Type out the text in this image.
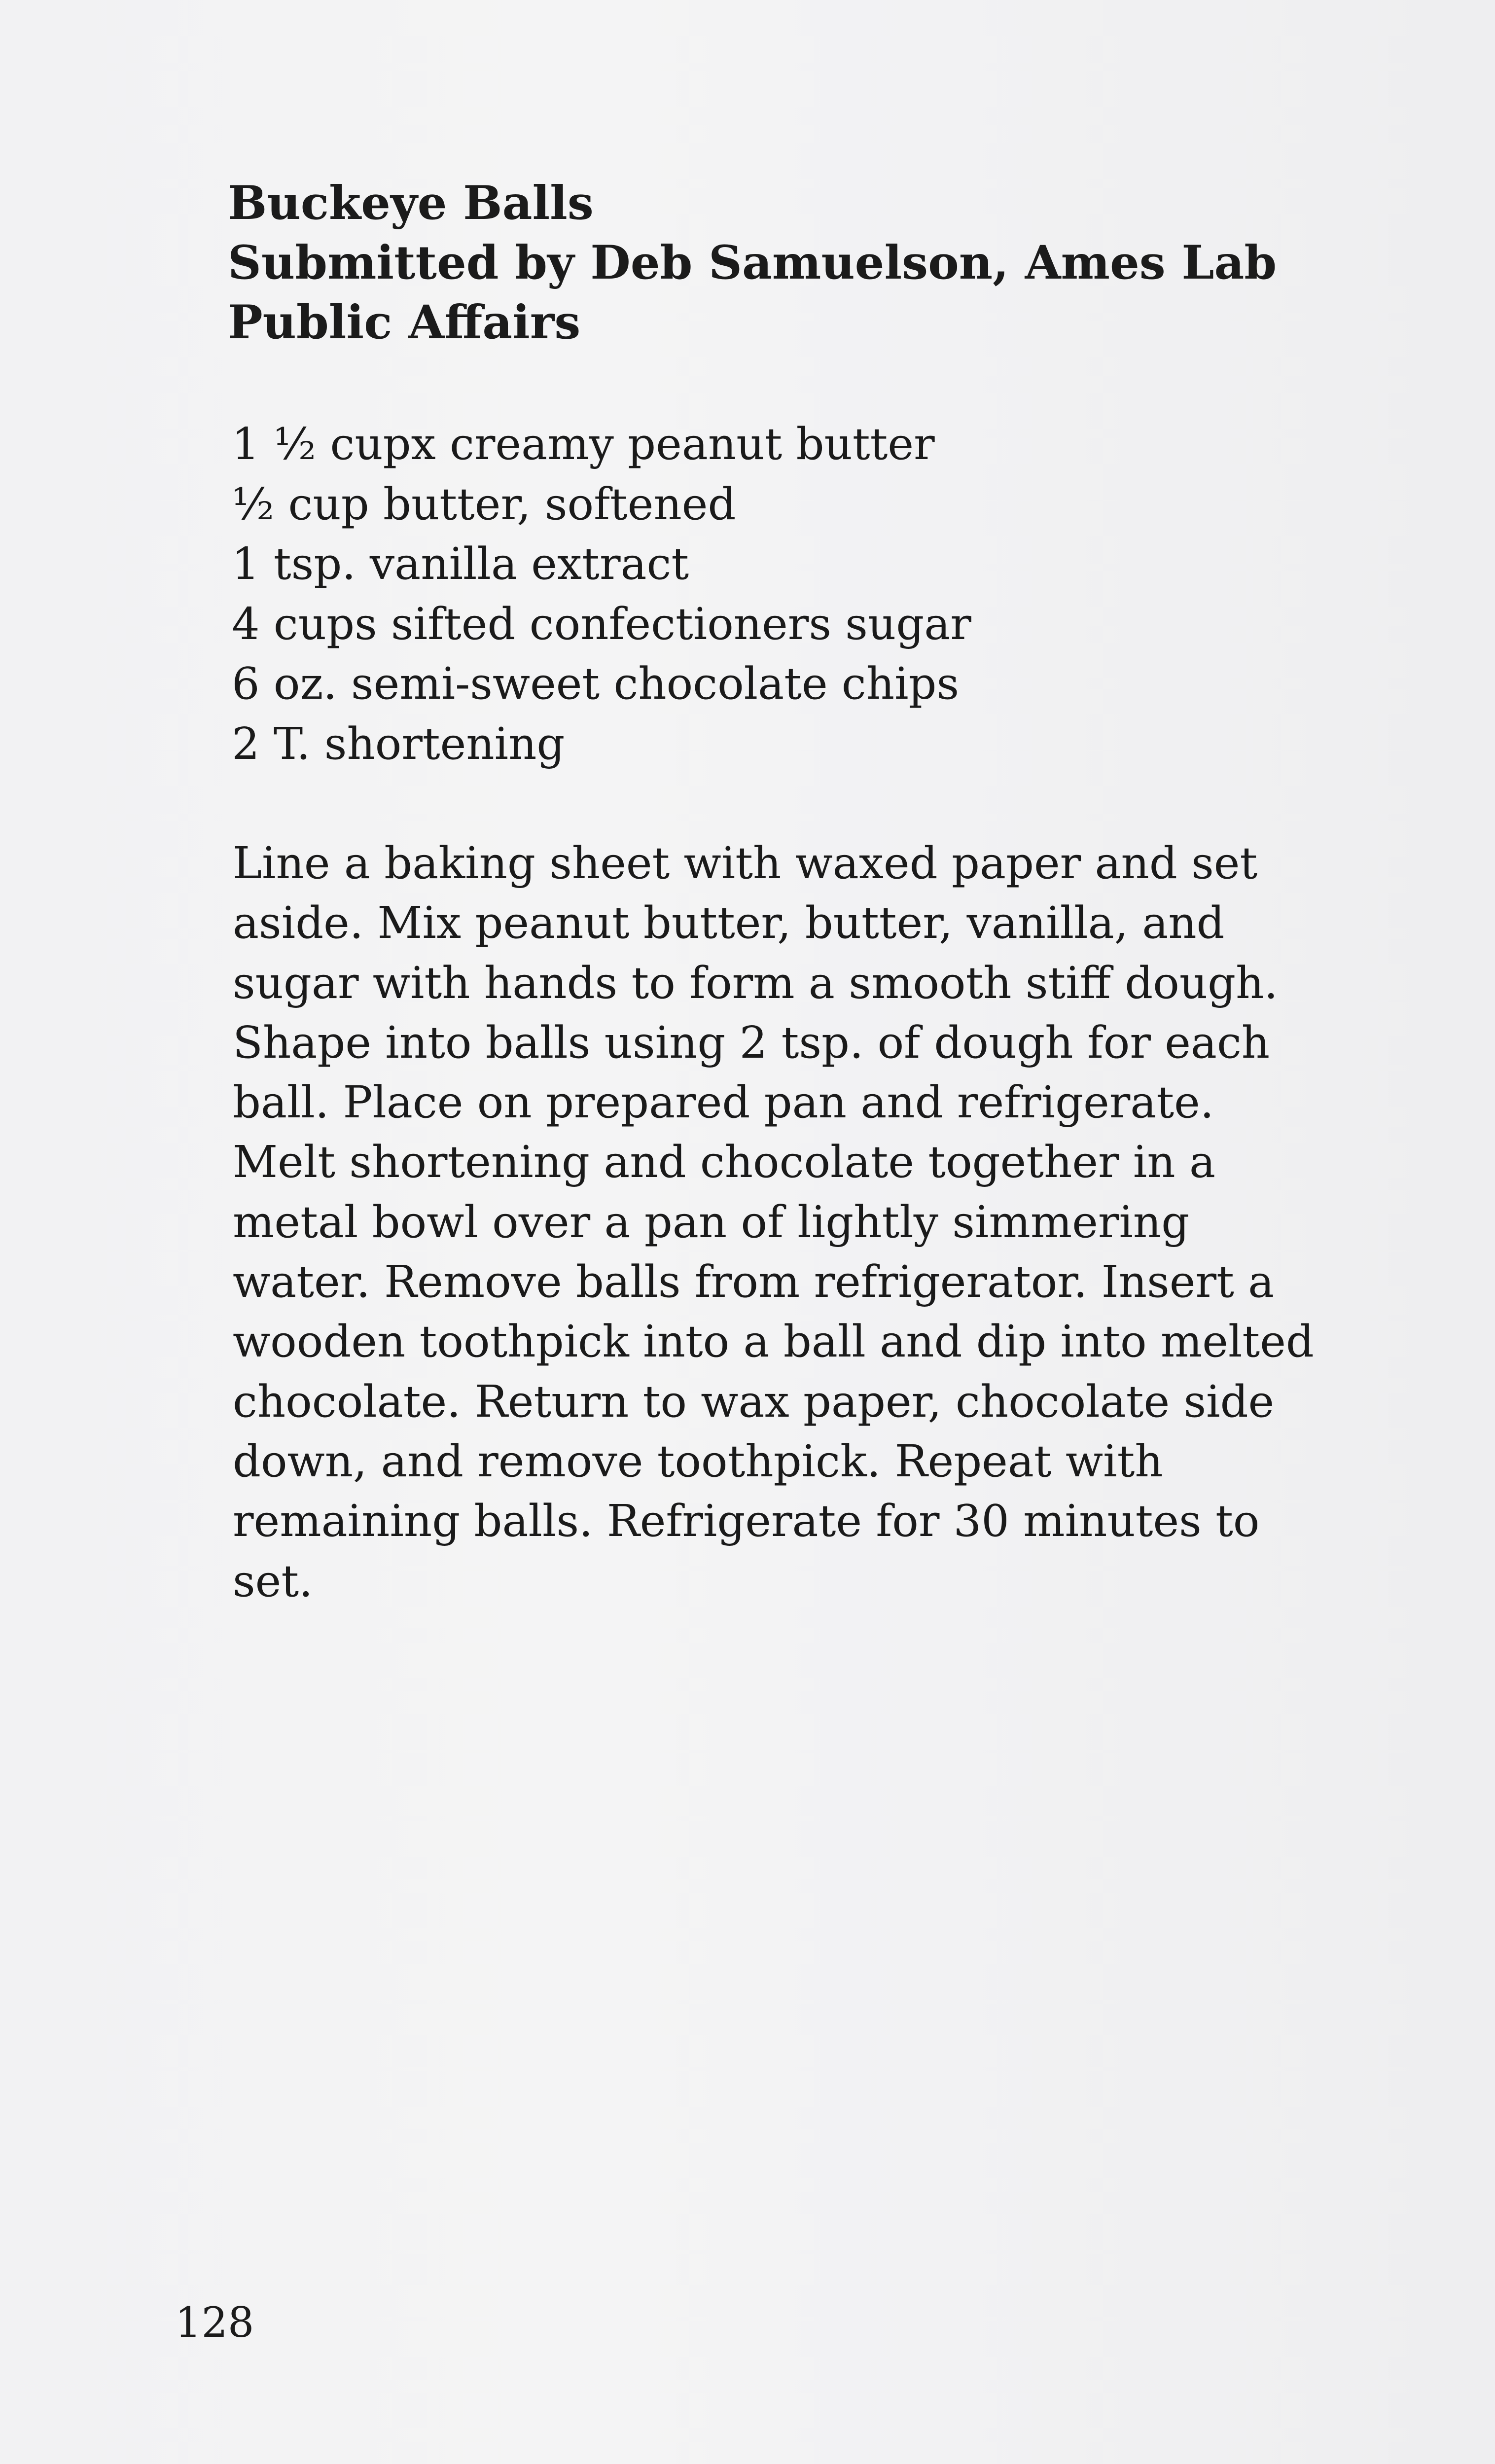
Buckeye Balls
Submitted by Deb Samuelson, Ames Lab
Public Affairs
1 ½ cupx creamy peanut butter
½ cup butter, softened
1 tsp. vanilla extract
4 cups sifted confectioners sugar
6 oz. semi-sweet chocolate chips
2 T. shortening

Line a baking sheet with waxed paper and set
aside. Mix peanut butter, butter, vanilla, and
sugar with hands to form a smooth stiff dough.
Shape into balls using 2 tsp. of dough for each
ball. Place on prepared pan and refrigerate.
Melt shortening and chocolate together in a
metal bowl over a pan of lightly simmering
water. Remove balls from refrigerator. Insert a
wooden toothpick into a ball and dip into melted
chocolate. Return to wax paper, chocolate side
down, and remove toothpick. Repeat with
remaining balls. Refrigerate for 30 minutes to
set.

128
